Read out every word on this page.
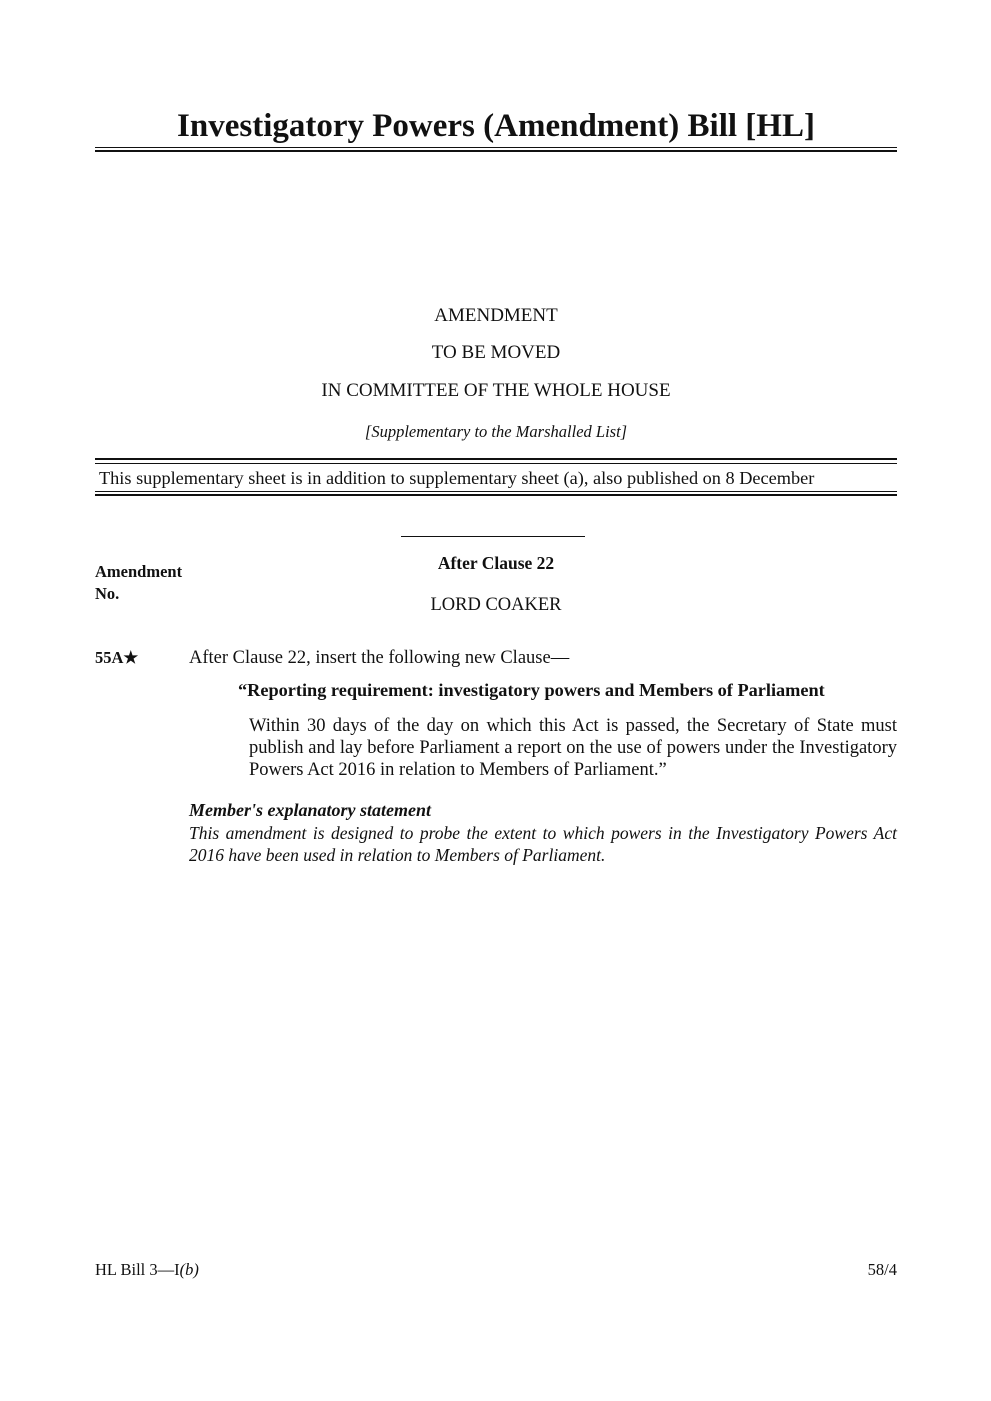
Investigatory Powers (Amendment) Bill [HL]
AMENDMENT
TO BE MOVED
IN COMMITTEE OF THE WHOLE HOUSE
[Supplementary to the Marshalled List]
This supplementary sheet is in addition to supplementary sheet (a), also published on 8 December
Amendment
No.
After Clause 22
LORD COAKER
55A★	After Clause 22, insert the following new Clause—
“Reporting requirement: investigatory powers and Members of Parliament
Within 30 days of the day on which this Act is passed, the Secretary of State must publish and lay before Parliament a report on the use of powers under the Investigatory Powers Act 2016 in relation to Members of Parliament.”
Member's explanatory statement
This amendment is designed to probe the extent to which powers in the Investigatory Powers Act 2016 have been used in relation to Members of Parliament.
HL Bill 3—I(b)	58/4
